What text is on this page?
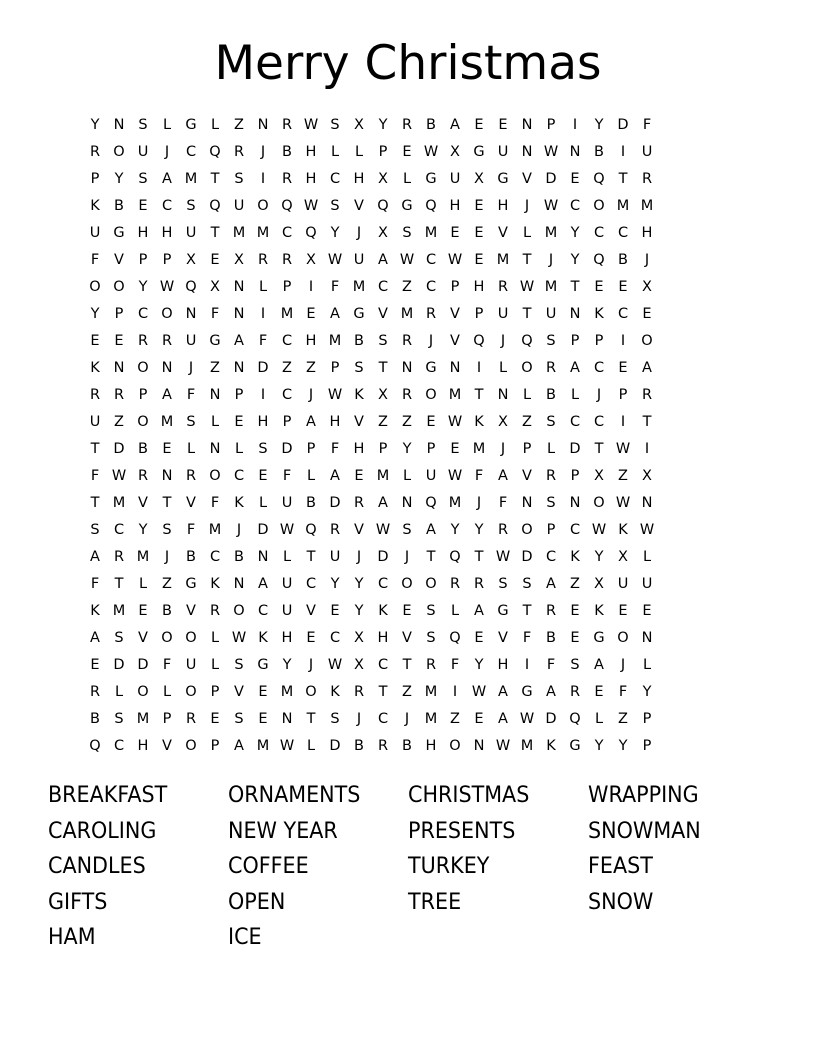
Merry Christmas
Y N S	L G L	Z N R W S X	Y	R B A E	E N P	I	Y D F
R O U	J	C Q R	J	B H	L	L	P	E W X G U N W N B	I	U
P	Y	S A M T	S	I	R H C H X	L G U X G V D E Q T	R
K B E C S Q U O Q W S V Q G Q H E H	J	W C O M M
U G H H U T M M C Q Y	J	X S M E	E V	L M Y	C C H
F	V	P	P	X E X R R X W U A W C W E M T	J	Y Q B	J
O O Y W Q X N	L	P	I	F M C Z C	P H R W M T	E	E X
Y	P	C O N F N	I	M E A G V M R V	P U T U N K C E
E	E R R U G A	F	C H M B S R	J	V Q	J	Q S	P	P	I	O
K N O N	J	Z N D Z Z	P	S	T N G N	I	L O R A C E A
R R	P	A	F N P	I	C	J	W K X R O M T N	L	B	L	J	P	R
U Z O M S	L	E H P	A H V Z Z E W K X Z S C C	I	T
T D B E	L	N	L	S D P	F H P	Y	P	E M	J	P	L D T W	I
F W R N R O C E	F	L	A E M L	U W F	A V R	P	X Z X
T M V	T	V	F	K	L	U B D R A N Q M	J	F N S N O W N
S C	Y	S	F M	J	D W Q R V W S A	Y	Y	R O P	C W K W
A R M	J	B C B N	L	T U	J	D	J	T Q T W D C K	Y	X	L
F	T	L	Z G K N A U C	Y	Y	C O O R R S	S A Z X U U
K M E B V R O C U V E	Y	K	E	S	L	A G T	R E	K	E	E
A S V O O L W K H E C X H V S Q E V	F	B E G O N
E D D F	U	L	S G Y	J	W X C	T	R	F	Y H	I	F	S A	J	L
R	L O L O P	V E M O K R	T	Z M	I	W A G A R E	F	Y
B S M P	R E	S	E N T	S	J	C	J	M Z E A W D Q L	Z	P
Q C H V O P	A M W L D B R B H O N W M K G Y	Y	P
BREAKFAST	ORNAMENTS	CHRISTMAS	WRAPPING
CAROLING	NEW YEAR	PRESENTS	SNOWMAN
CANDLES	COFFEE	TURKEY	FEAST
GIFTS	OPEN	TREE	SNOW
HAM	ICE
